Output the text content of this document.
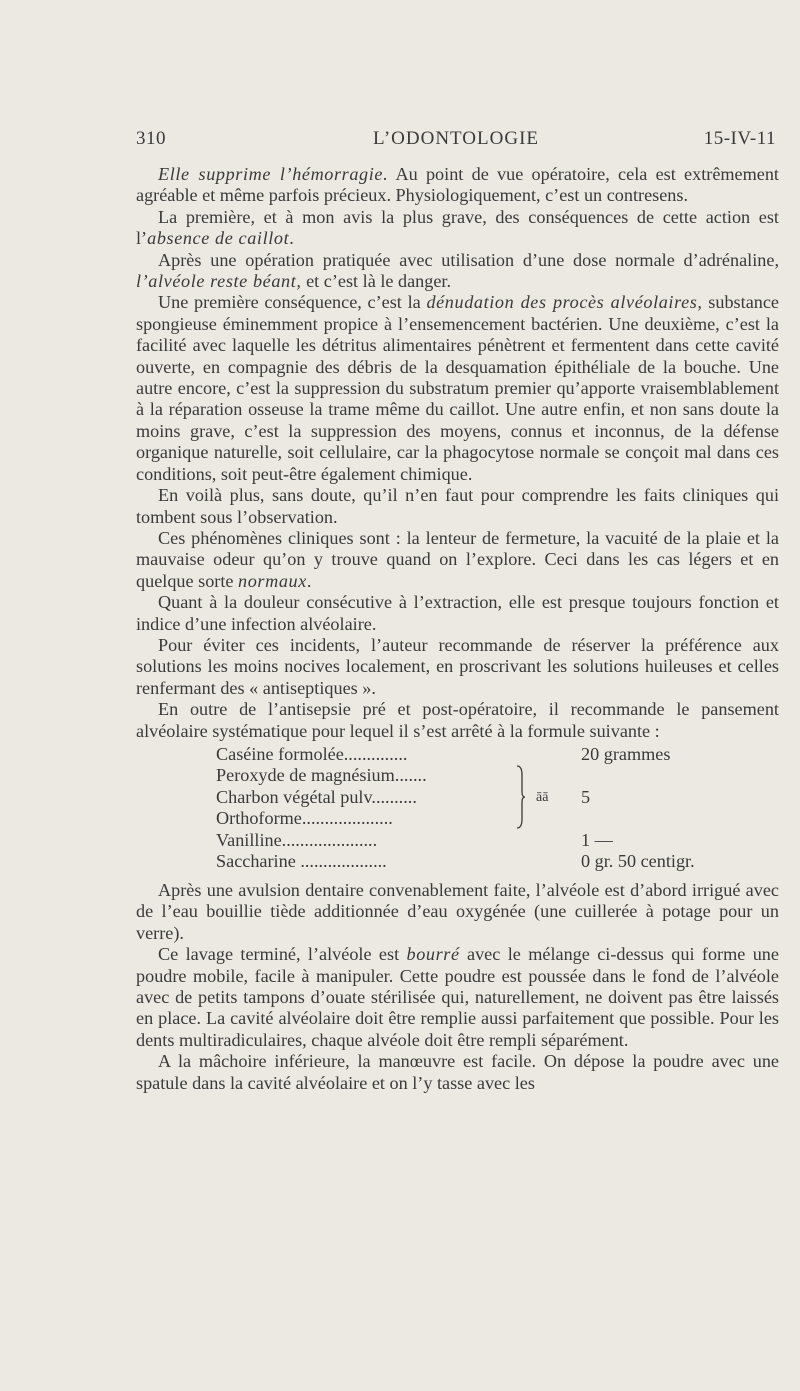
310	L’ODONTOLOGIE	15-IV-11

Elle supprime l’hémorragie. Au point de vue opératoire, cela est extrêmement agréable et même parfois précieux. Physiologiquement, c’est un contresens.

La première, et à mon avis la plus grave, des conséquences de cette action est l’absence de caillot.

Après une opération pratiquée avec utilisation d’une dose normale d’adrénaline, l’alvéole reste béant, et c’est là le danger.

Une première conséquence, c’est la dénudation des procès alvéolaires, substance spongieuse éminemment propice à l’ensemencement bactérien. Une deuxième, c’est la facilité avec laquelle les détritus alimentaires pénètrent et fermentent dans cette cavité ouverte, en compagnie des débris de la desquamation épithéliale de la bouche. Une autre encore, c’est la suppression du substratum premier qu’apporte vraisemblablement à la réparation osseuse la trame même du caillot. Une autre enfin, et non sans doute la moins grave, c’est la suppression des moyens, connus et inconnus, de la défense organique naturelle, soit cellulaire, car la phagocytose normale se conçoit mal dans ces conditions, soit peut-être également chimique.

En voilà plus, sans doute, qu’il n’en faut pour comprendre les faits cliniques qui tombent sous l’observation.

Ces phénomènes cliniques sont : la lenteur de fermeture, la vacuité de la plaie et la mauvaise odeur qu’on y trouve quand on l’explore. Ceci dans les cas légers et en quelque sorte normaux.

Quant à la douleur consécutive à l’extraction, elle est presque toujours fonction et indice d’une infection alvéolaire.

Pour éviter ces incidents, l’auteur recommande de réserver la préférence aux solutions les moins nocives localement, en proscrivant les solutions huileuses et celles renfermant des « antiseptiques ».

En outre de l’antisepsie pré et post-opératoire, il recommande le pansement alvéolaire systématique pour lequel il s’est arrêté à la formule suivante :

Caséine formolée..............	20 grammes
Peroxyde de magnésium.......
Charbon végétal pulv..........	5
Orthoforme....................
Vanilline.....................	1 —
Saccharine ...................	0 gr. 50 centigr.
āā

Après une avulsion dentaire convenablement faite, l’alvéole est d’abord irrigué avec de l’eau bouillie tiède additionnée d’eau oxygénée (une cuillerée à potage pour un verre).

Ce lavage terminé, l’alvéole est bourré avec le mélange ci-dessus qui forme une poudre mobile, facile à manipuler. Cette poudre est poussée dans le fond de l’alvéole avec de petits tampons d’ouate stérilisée qui, naturellement, ne doivent pas être laissés en place. La cavité alvéolaire doit être remplie aussi parfaitement que possible. Pour les dents multiradiculaires, chaque alvéole doit être rempli séparément.

A la mâchoire inférieure, la manœuvre est facile. On dépose la poudre avec une spatule dans la cavité alvéolaire et on l’y tasse avec les
